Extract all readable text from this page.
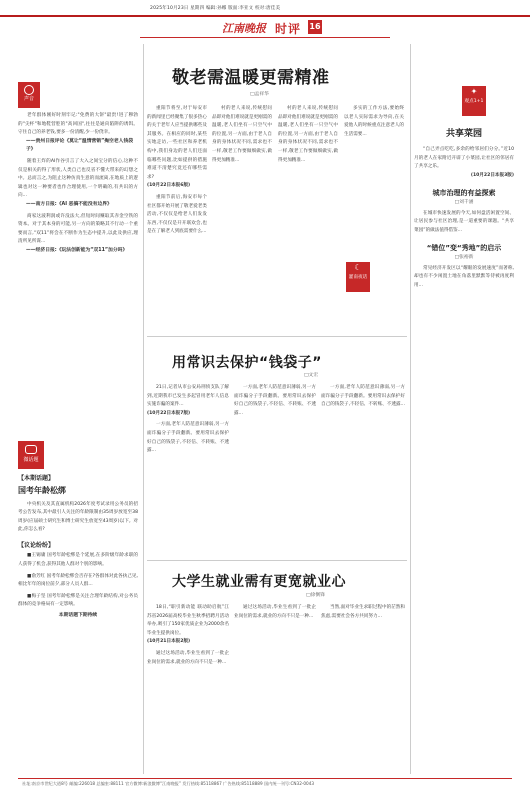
2025年10月23日 星期四 编辑:孙娜 版面:李亚文 校对:唐佳美
江南晚报 时评 16
声音

老年群体刚好时刻牢记:"免费的大饼"最贵!进了穆勃的"尖杯"和地鞋营腔的"高回国",往往是通向陷阱的诱饵。守住自己的养老钱,要多一份清醒,少一份侥幸。

——贵州日报评论《莫让“温情营销”掏空老人钱袋子》

随着王炸的AI作谷引言了大入之间宝分的信心,这种不仅是相关的得了形状,人类自己也反省不懂大带来的幻想之中。总而言之,为阻止这种仿真生意的而流离,在地质上的逻辑也对这一种要者也作合理使用,一个明确的,有共识的方向...

——南方日报:《AI 恶搞不能没有边界》

商家这波利润或许没法大,但短时间赚取其赤金空铁的资本。对于其本身的可能,另一方向的策略其不行动一个重要而言,“双11”将会在不断作为生态中提升,以此及供应,理清所见所谋...

——经济日报:《玩法创新能为“双11”加分吗》

微话题

【本期话题】

国考年龄松绑

中央机关及其直属机构2026年度考试录用公务员的招考公告发布,其中最引人关注的年龄限制由35周岁放宽至38周岁(应届硕士研究生和博士研究生放宽至43周岁)以下。对此,你怎么看?

【议论纷纷】

■王锡庸 国考年龄松绑是个延展,在多阶级年龄求职的人获得了机会,获得其他人群对个别的影响。

■俞芳红 国考年龄松绑会否存在?各群体对此各执己见,相比年年的岗位前夕,部分人员人群...

■梅子坚 国考年龄松绑是关注合理年龄结构,对公务员群体的竞争格局有一定影响。

本期话题下期待续

敬老需温暖更需精准
□孟祥华

重阳节将至,对于每安市的新闻里已经聚集了很多热心的关于老年人应当提供哪些及其服务。在相应的同时,某些实地走访,一些社区和养老机构中,我们身边的老人们还面临哪些问题,比如提供的措施难道不清楚究竟还有哪些需求?

(10月22日本报6版)

重阳节前后,海安市每个社区都开始开展了敬老爱老类活动,不仅仅是给老人们发发东西,不仅仅是开开联欢会,也是在了解老人到底需要什么...

村的老人来说,传统慰问品即对他们难说就是更刚需的温暖,老人们坐有一只空气中的位置,另一方面,由于老人自身的身体状况不同,需求也不一样,敬老工作要做细做实,做得更加精准...

村的老人来说,传统慰问品即对他们难说就是更刚需的温暖,老人们坐有一只空气中的位置,另一方面,由于老人自身的身体状况不同,需求也不一样,敬老工作要做细做实,做得更加精准...

多实的工作方法,要始终以老人实际需求为导向,在关爱他人的时候重点注意老人的生活需要...

☾
灌南夜话
用常识去保护“钱袋子”
□文宏

21日,记者从市公安局刑侦支队了解到,近期我市已发生多起冒用老年人信息实施诈骗的案件...

(10月22日本报7版)

一方面,老年人防范意识薄弱,另一方面诈骗分子手段翻新。要用常识去保护好自己的钱袋子,不轻信、不转账、不透露...

一方面,老年人防范意识薄弱,另一方面诈骗分子手段翻新。要用常识去保护好自己的钱袋子,不轻信、不转账、不透露...

一方面,老年人防范意识薄弱,另一方面诈骗分子手段翻新。要用常识去保护好自己的钱袋子,不轻信、不转账、不透露...

大学生就业需有更宽就业心
□徐倒锋

18日,“职引新动能 联动助启航”江苏省2026届高校毕业生秋季招聘月活动举办,吸引了150家优质企业为2000余名毕业生提供岗位。

(10月21日本报2版)

通过这场活动,毕业生看到了一批企业岗位的需求,就业的方向不只是一种...

通过这场活动,毕业生看到了一批企业岗位的需求,就业的方向不只是一种...

当然,面对毕业生求职过程中的茫然和焦虑,需要社会各方共同努力...

✦
观点1+1

共享菜园

“自己弄点吃吃,多余的给邻居们分分。”近10月的老人在家附近开辟了小菜园,让社区的邻居有了共享之乐。

(10月22日本报3版)

城市治理的有益探索

□刘千涵

在城市快速发展的今天,如何盘活闲置空间、让居民参与社区治理,是一道重要的课题。“共享菜园”的做法值得借鉴...

“错位”变“秀地”的启示

□张裕新

常见经济开发区以“耀眼的发展速度”而著称,却也有不少闲置土地在角落里默默等待被再度利用...

社址:南京市世纪大道8号 邮编:226018 总编室:88111 官方微博:新浪微博“江南晚报” 发行热线:85118867 广告热线:85118889 国内统一刊号:CN32-0043
